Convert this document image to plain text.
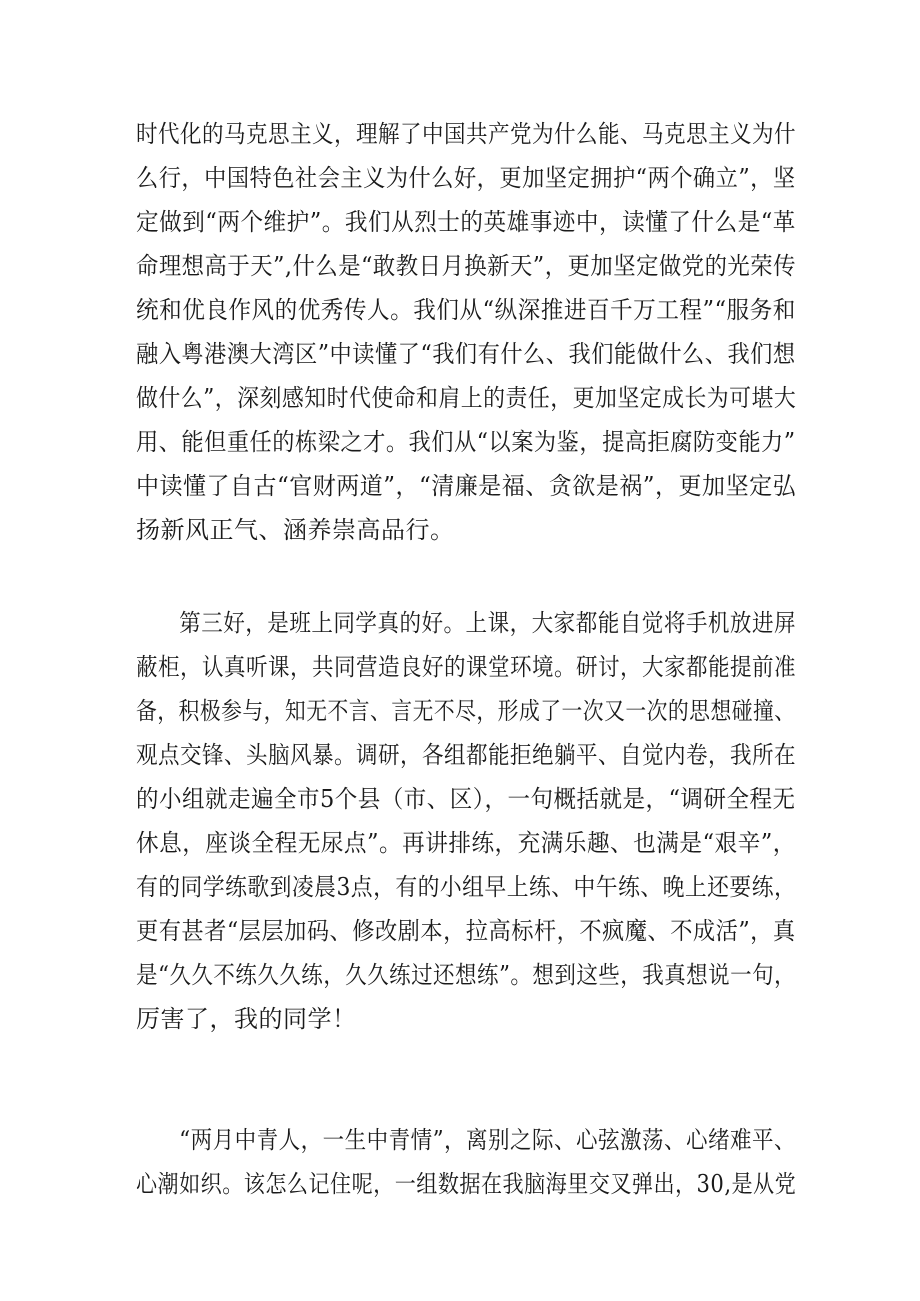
时代化的马克思主义，理解了中国共产党为什么能、马克思主义为什
么行，中国特色社会主义为什么好，更加坚定拥护“两个确立”，坚
定做到“两个维护”。我们从烈士的英雄事迹中，读懂了什么是“革
命理想高于天”,什么是“敢教日月换新天”，更加坚定做党的光荣传
统和优良作风的优秀传人。我们从“纵深推进百千万工程”“服务和
融入粤港澳大湾区”中读懂了“我们有什么、我们能做什么、我们想
做什么”，深刻感知时代使命和肩上的责任，更加坚定成长为可堪大
用、能但重任的栋梁之才。我们从“以案为鉴，提高拒腐防变能力”
中读懂了自古“官财两道”，“清廉是福、贪欲是祸”，更加坚定弘
扬新风正气、涵养崇高品行。
第三好，是班上同学真的好。上课，大家都能自觉将手机放进屏
蔽柜，认真听课，共同营造良好的课堂环境。研讨，大家都能提前准
备，积极参与，知无不言、言无不尽，形成了一次又一次的思想碰撞、
观点交锋、头脑风暴。调研，各组都能拒绝躺平、自觉内卷，我所在
的小组就走遍全市5个县（市、区），一句概括就是，“调研全程无
休息，座谈全程无尿点”。再讲排练，充满乐趣、也满是“艰辛”，
有的同学练歌到凌晨3点，有的小组早上练、中午练、晚上还要练，
更有甚者“层层加码、修改剧本，拉高标杆，不疯魔、不成活”，真
是“久久不练久久练，久久练过还想练”。想到这些，我真想说一句，
厉害了，我的同学！
“两月中青人，一生中青情”，离别之际、心弦激荡、心绪难平、
心潮如织。该怎么记住呢，一组数据在我脑海里交叉弹出，30,是从党
